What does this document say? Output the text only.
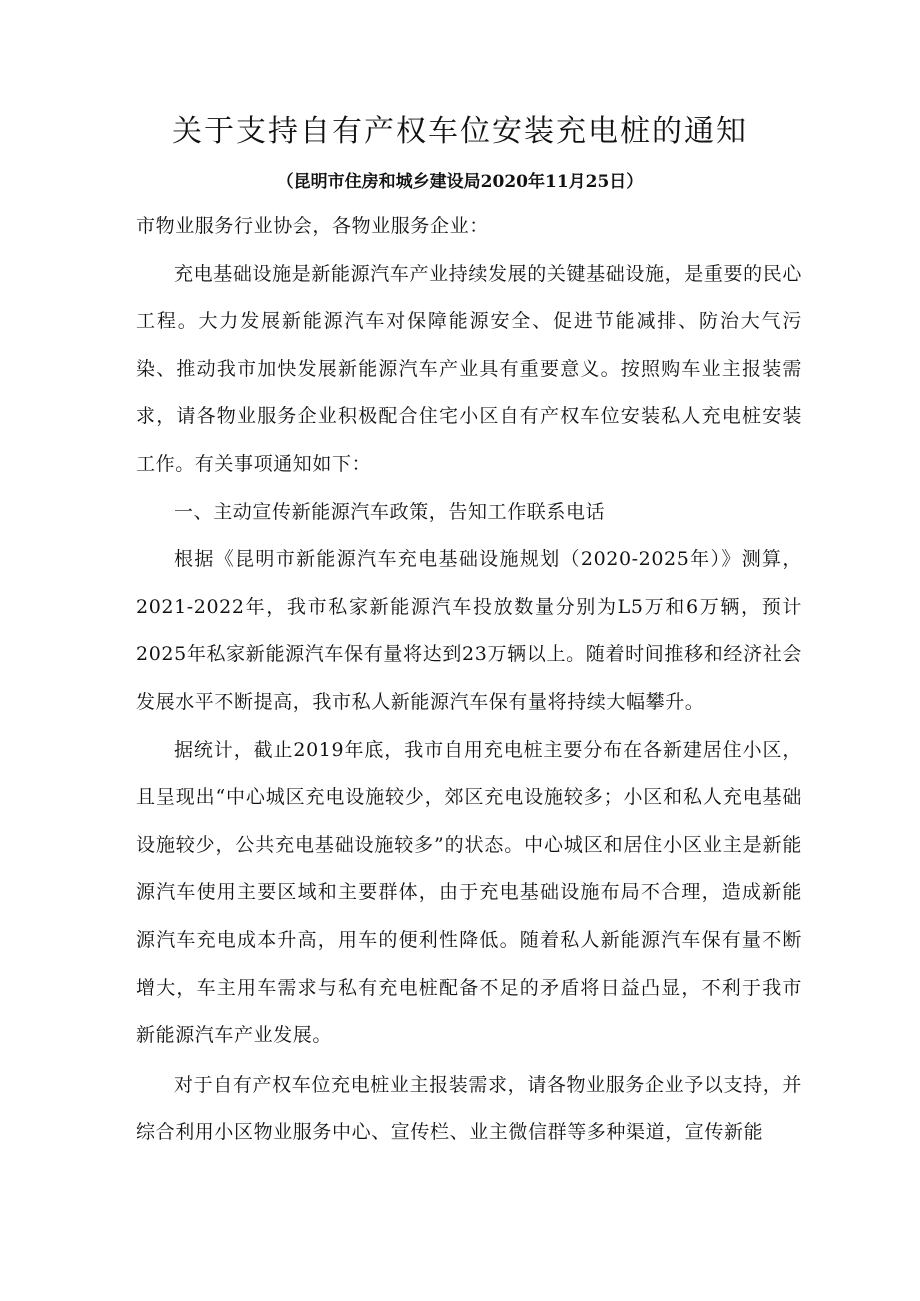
关于支持自有产权车位安装充电桩的通知
（昆明市住房和城乡建设局2020年11月25日）

市物业服务行业协会，各物业服务企业：

充电基础设施是新能源汽车产业持续发展的关键基础设施，是重要的民心工程。大力发展新能源汽车对保障能源安全、促进节能减排、防治大气污染、推动我市加快发展新能源汽车产业具有重要意义。按照购车业主报装需求，请各物业服务企业积极配合住宅小区自有产权车位安装私人充电桩安装工作。有关事项通知如下：

一、主动宣传新能源汽车政策，告知工作联系电话

根据《昆明市新能源汽车充电基础设施规划（2020-2025年）》测算，2021-2022年，我市私家新能源汽车投放数量分别为L5万和6万辆，预计2025年私家新能源汽车保有量将达到23万辆以上。随着时间推移和经济社会发展水平不断提高，我市私人新能源汽车保有量将持续大幅攀升。

据统计，截止2019年底，我市自用充电桩主要分布在各新建居住小区，且呈现出“中心城区充电设施较少，郊区充电设施较多；小区和私人充电基础设施较少，公共充电基础设施较多”的状态。中心城区和居住小区业主是新能源汽车使用主要区域和主要群体，由于充电基础设施布局不合理，造成新能源汽车充电成本升高，用车的便利性降低。随着私人新能源汽车保有量不断增大，车主用车需求与私有充电桩配备不足的矛盾将日益凸显，不利于我市新能源汽车产业发展。

对于自有产权车位充电桩业主报装需求，请各物业服务企业予以支持，并综合利用小区物业服务中心、宣传栏、业主微信群等多种渠道，宣传新能
